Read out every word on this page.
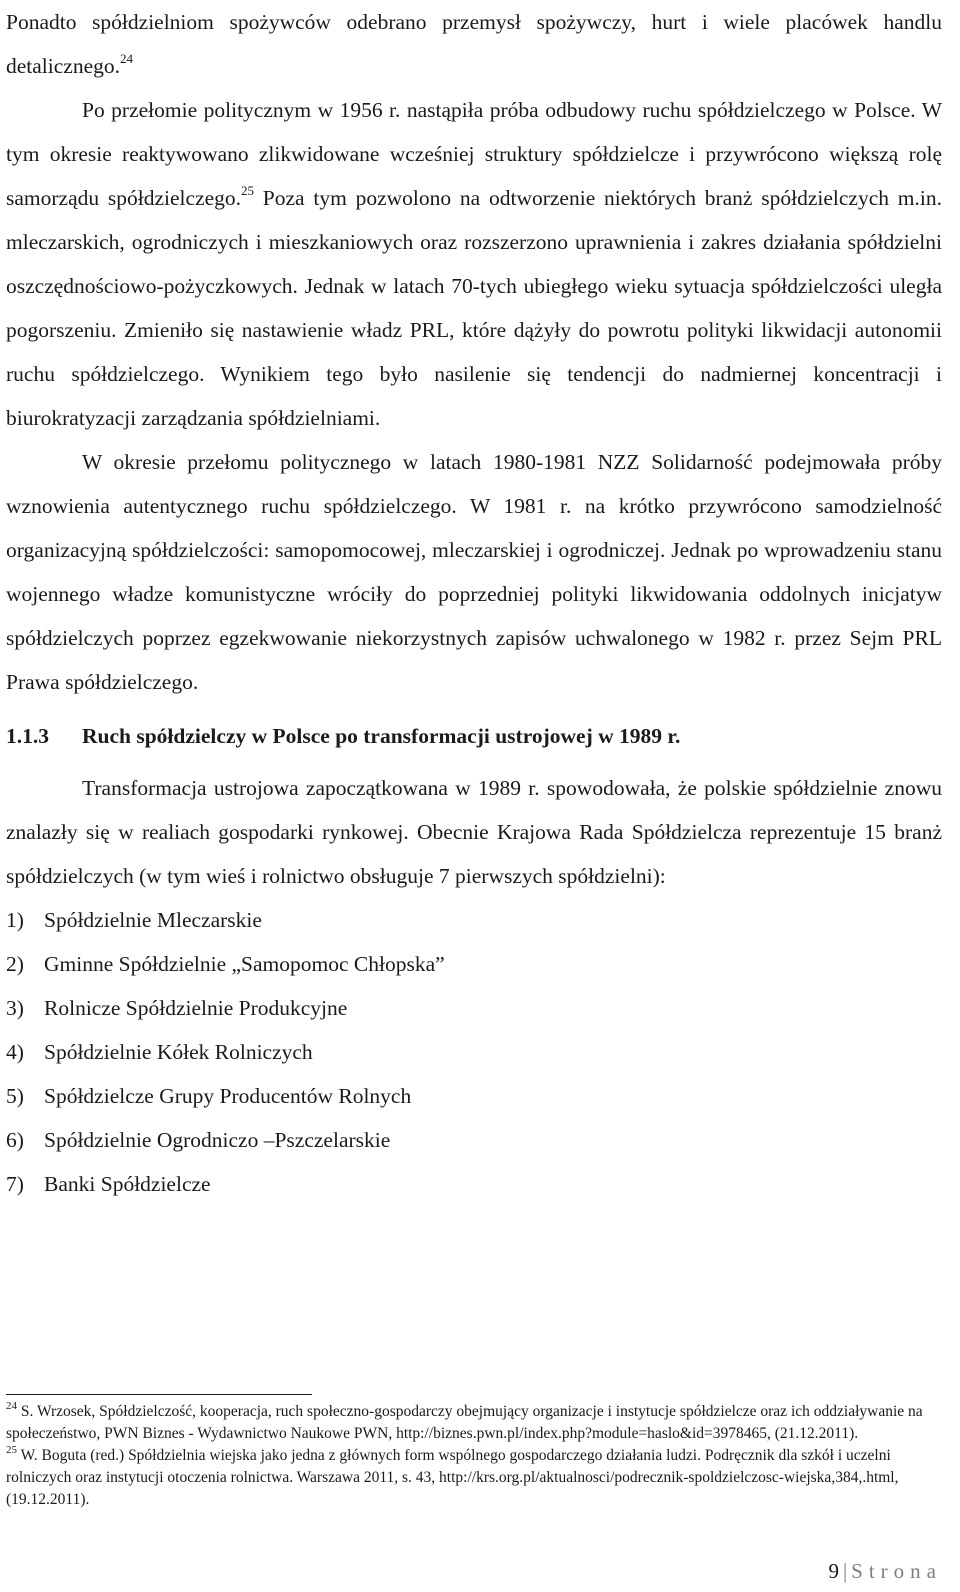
Ponadto spółdzielniom spożywców odebrano przemysł spożywczy, hurt i wiele placówek handlu detalicznego.$^{24}$

Po przełomie politycznym w 1956 r. nastąpiła próba odbudowy ruchu spółdzielczego w Polsce. W tym okresie reaktywowano zlikwidowane wcześniej struktury spółdzielcze i przywrócono większą rolę samorządu spółdzielczego.$^{25}$ Poza tym pozwolono na odtworzenie niektórych branż spółdzielczych m.in. mleczarskich, ogrodniczych i mieszkaniowych oraz rozszerzono uprawnienia i zakres działania spółdzielni oszczędnościowo-pożyczkowych. Jednak w latach 70-tych ubiegłego wieku sytuacja spółdzielczości uległa pogorszeniu. Zmieniło się nastawienie władz PRL, które dążyły do powrotu polityki likwidacji autonomii ruchu spółdzielczego. Wynikiem tego było nasilenie się tendencji do nadmiernej koncentracji i biurokratyzacji zarządzania spółdzielniami.

W okresie przełomu politycznego w latach 1980-1981 NZZ Solidarność podejmowała próby wznowienia autentycznego ruchu spółdzielczego. W 1981 r. na krótko przywrócono samodzielność organizacyjną spółdzielczości: samopomocowej, mleczarskiej i ogrodniczej. Jednak po wprowadzeniu stanu wojennego władze komunistyczne wróciły do poprzedniej polityki likwidowania oddolnych inicjatyw spółdzielczych poprzez egzekwowanie niekorzystnych zapisów uchwalonego w 1982 r. przez Sejm PRL Prawa spółdzielczego.

1.1.3	Ruch spółdzielczy w Polsce po transformacji ustrojowej w 1989 r.

Transformacja ustrojowa zapoczątkowana w 1989 r. spowodowała, że polskie spółdzielnie znowu znalazły się w realiach gospodarki rynkowej. Obecnie Krajowa Rada Spółdzielcza reprezentuje 15 branż spółdzielczych (w tym wieś i rolnictwo obsługuje 7 pierwszych spółdzielni):

1) Spółdzielnie Mleczarskie
2) Gminne Spółdzielnie „Samopomoc Chłopska”
3) Rolnicze Spółdzielnie Produkcyjne
4) Spółdzielnie Kółek Rolniczych
5) Spółdzielcze Grupy Producentów Rolnych
6) Spółdzielnie Ogrodniczo –Pszczelarskie
7) Banki Spółdzielcze

$^{24}$ S. Wrzosek, Spółdzielczość, kooperacja, ruch społeczno-gospodarczy obejmujący organizacje i instytucje spółdzielcze oraz ich oddziaływanie na społeczeństwo, PWN Biznes - Wydawnictwo Naukowe PWN, http://biznes.pwn.pl/index.php?module=haslo&id=3978465, (21.12.2011).

$^{25}$ W. Boguta (red.) Spółdzielnia wiejska jako jedna z głównych form wspólnego gospodarczego działania ludzi. Podręcznik dla szkół i uczelni rolniczych oraz instytucji otoczenia rolnictwa. Warszawa 2011, s. 43, http://krs.org.pl/aktualnosci/podrecznik-spoldzielczosc-wiejska,384,.html, (19.12.2011).

9 | Strona
